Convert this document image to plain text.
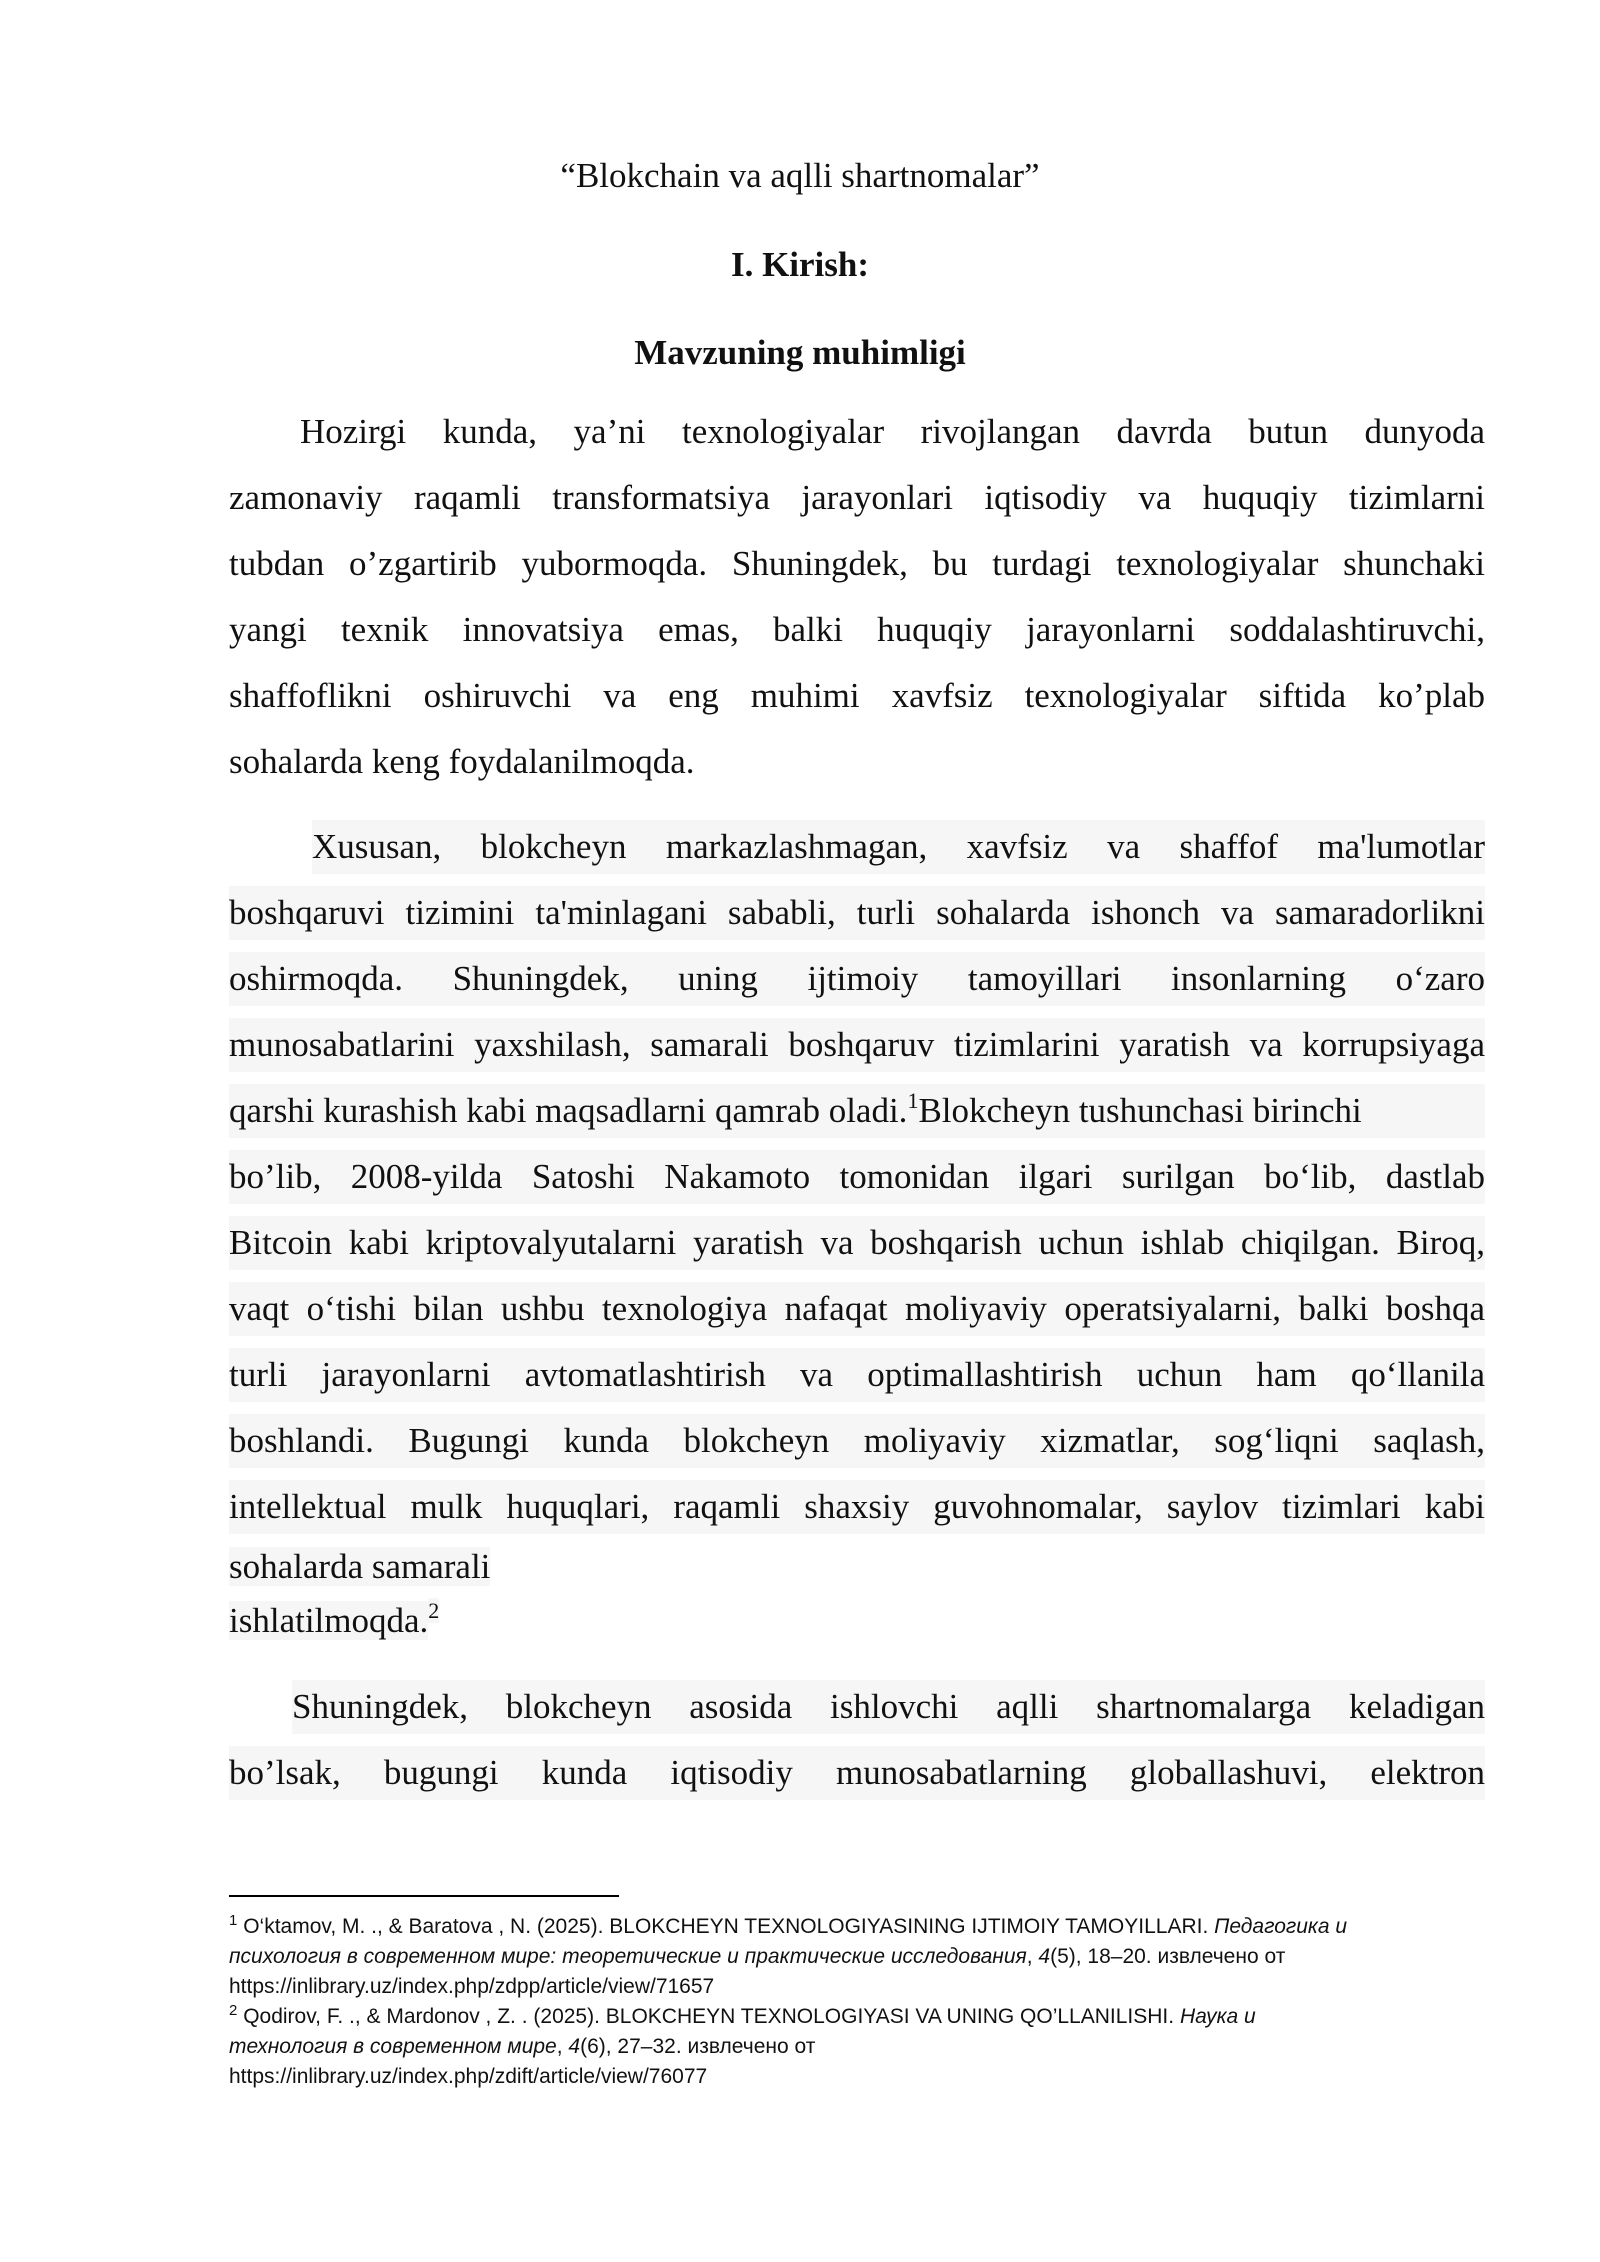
“Blokchain va aqlli shartnomalar”
I. Kirish:
Mavzuning muhimligi

Hozirgi kunda, ya’ni texnologiyalar rivojlangan davrda butun dunyoda

zamonaviy raqamli transformatsiya jarayonlari iqtisodiy va huquqiy tizimlarni

tubdan o’zgartirib yubormoqda. Shuningdek, bu turdagi texnologiyalar shunchaki

yangi texnik innovatsiya emas, balki huquqiy jarayonlarni soddalashtiruvchi,

shaffoflikni oshiruvchi va eng muhimi xavfsiz texnologiyalar siftida ko’plab

sohalarda keng foydalanilmoqda.

Xususan, blokcheyn markazlashmagan, xavfsiz va shaffof ma'lumotlar

boshqaruvi tizimini ta'minlagani sababli, turli sohalarda ishonch va samaradorlikni

oshirmoqda. Shuningdek, uning ijtimoiy tamoyillari insonlarning o‘zaro

munosabatlarini yaxshilash, samarali boshqaruv tizimlarini yaratish va korrupsiyaga

qarshi kurashish kabi maqsadlarni qamrab oladi.$^1$Blokcheyn tushunchasi birinchi

bo’lib, 2008-yilda Satoshi Nakamoto tomonidan ilgari surilgan bo‘lib, dastlab

Bitcoin kabi kriptovalyutalarni yaratish va boshqarish uchun ishlab chiqilgan. Biroq,

vaqt o‘tishi bilan ushbu texnologiya nafaqat moliyaviy operatsiyalarni, balki boshqa

turli jarayonlarni avtomatlashtirish va optimallashtirish uchun ham qo‘llanila

boshlandi. Bugungi kunda blokcheyn moliyaviy xizmatlar, sog‘liqni saqlash,

intellektual mulk huquqlari, raqamli shaxsiy guvohnomalar, saylov tizimlari kabi

sohalarda samarali

ishlatilmoqda.$^2$

Shuningdek, blokcheyn asosida ishlovchi aqlli shartnomalarga keladigan

bo’lsak, bugungi kunda iqtisodiy munosabatlarning globallashuvi, elektron

$^1$ O‘ktamov, M. ., & Baratova , N. (2025). BLOKCHEYN TEXNOLOGIYASINING IJTIMOIY TAMOYILLARI. Педагогика и

психология в современном мире: теоретические и практические исследования, 4(5), 18–20. извлечено от

https://inlibrary.uz/index.php/zdpp/article/view/71657

$^2$ Qodirov, F. ., & Mardonov , Z. . (2025). BLOKCHEYN TEXNOLOGIYASI VA UNING QO’LLANILISHI. Наука и

технология в современном мире, 4(6), 27–32. извлечено от

https://inlibrary.uz/index.php/zdift/article/view/76077
